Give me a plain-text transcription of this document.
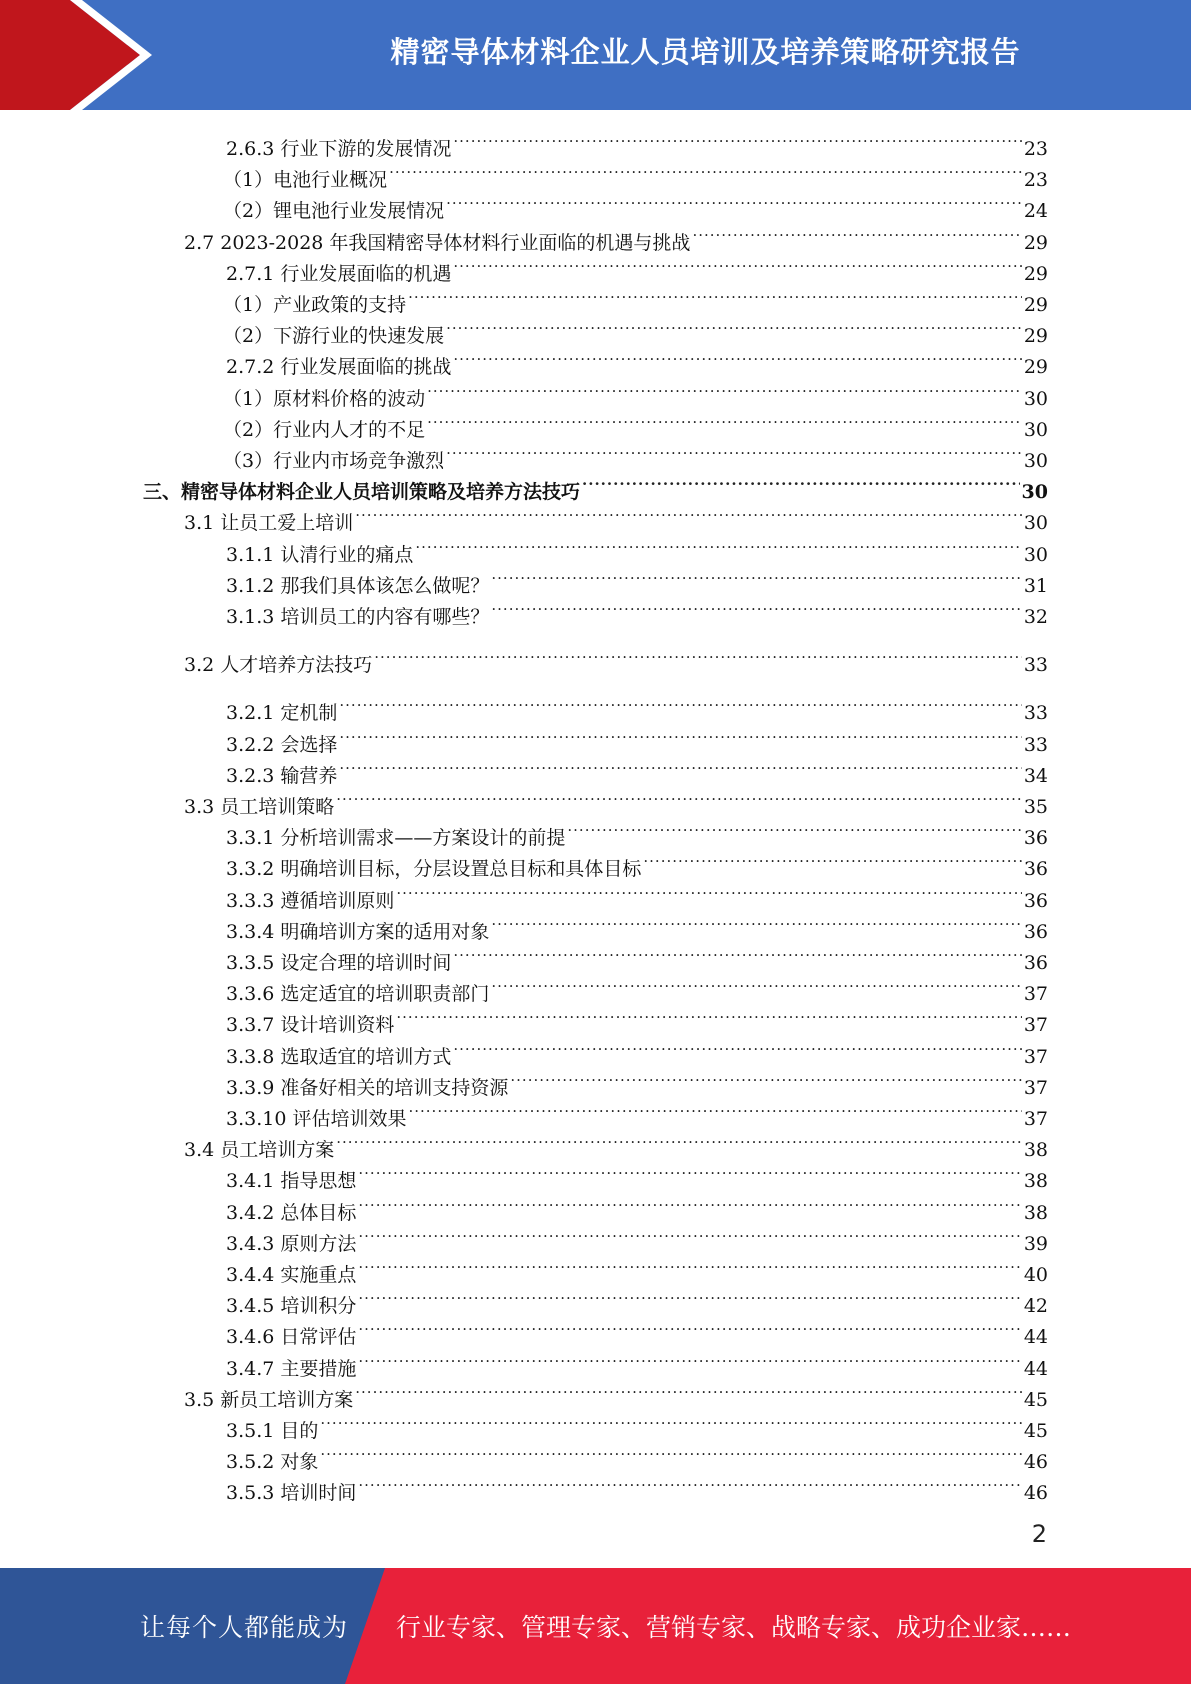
精密导体材料企业人员培训及培养策略研究报告
2.6.3 行业下游的发展情况 .....	23
（1）电池行业概况 .....	23
（2）锂电池行业发展情况 .....	24
2.7 2023-2028 年我国精密导体材料行业面临的机遇与挑战 .....	29
2.7.1 行业发展面临的机遇 .....	29
（1）产业政策的支持 .....	29
（2）下游行业的快速发展 .....	29
2.7.2 行业发展面临的挑战 .....	29
（1）原材料价格的波动 .....	30
（2）行业内人才的不足 .....	30
（3）行业内市场竞争激烈 .....	30
三、精密导体材料企业人员培训策略及培养方法技巧 .....	30
3.1 让员工爱上培训 .....	30
3.1.1 认清行业的痛点 .....	30
3.1.2 那我们具体该怎么做呢？ .....	31
3.1.3 培训员工的内容有哪些？ .....	32
3.2 人才培养方法技巧 .....	33
3.2.1 定机制 .....	33
3.2.2 会选择 .....	33
3.2.3 输营养 .....	34
3.3 员工培训策略 .....	35
3.3.1 分析培训需求——方案设计的前提 .....	36
3.3.2 明确培训目标，分层设置总目标和具体目标 .....	36
3.3.3 遵循培训原则 .....	36
3.3.4 明确培训方案的适用对象 .....	36
3.3.5 设定合理的培训时间 .....	36
3.3.6 选定适宜的培训职责部门 .....	37
3.3.7 设计培训资料 .....	37
3.3.8 选取适宜的培训方式 .....	37
3.3.9 准备好相关的培训支持资源 .....	37
3.3.10 评估培训效果 .....	37
3.4 员工培训方案 .....	38
3.4.1 指导思想 .....	38
3.4.2 总体目标 .....	38
3.4.3 原则方法 .....	39
3.4.4 实施重点 .....	40
3.4.5 培训积分 .....	42
3.4.6 日常评估 .....	44
3.4.7 主要措施 .....	44
3.5 新员工培训方案 .....	45
3.5.1 目的 .....	45
3.5.2 对象 .....	46
3.5.3 培训时间 .....	46
2
让每个人都能成为 行业专家、管理专家、营销专家、战略专家、成功企业家……
